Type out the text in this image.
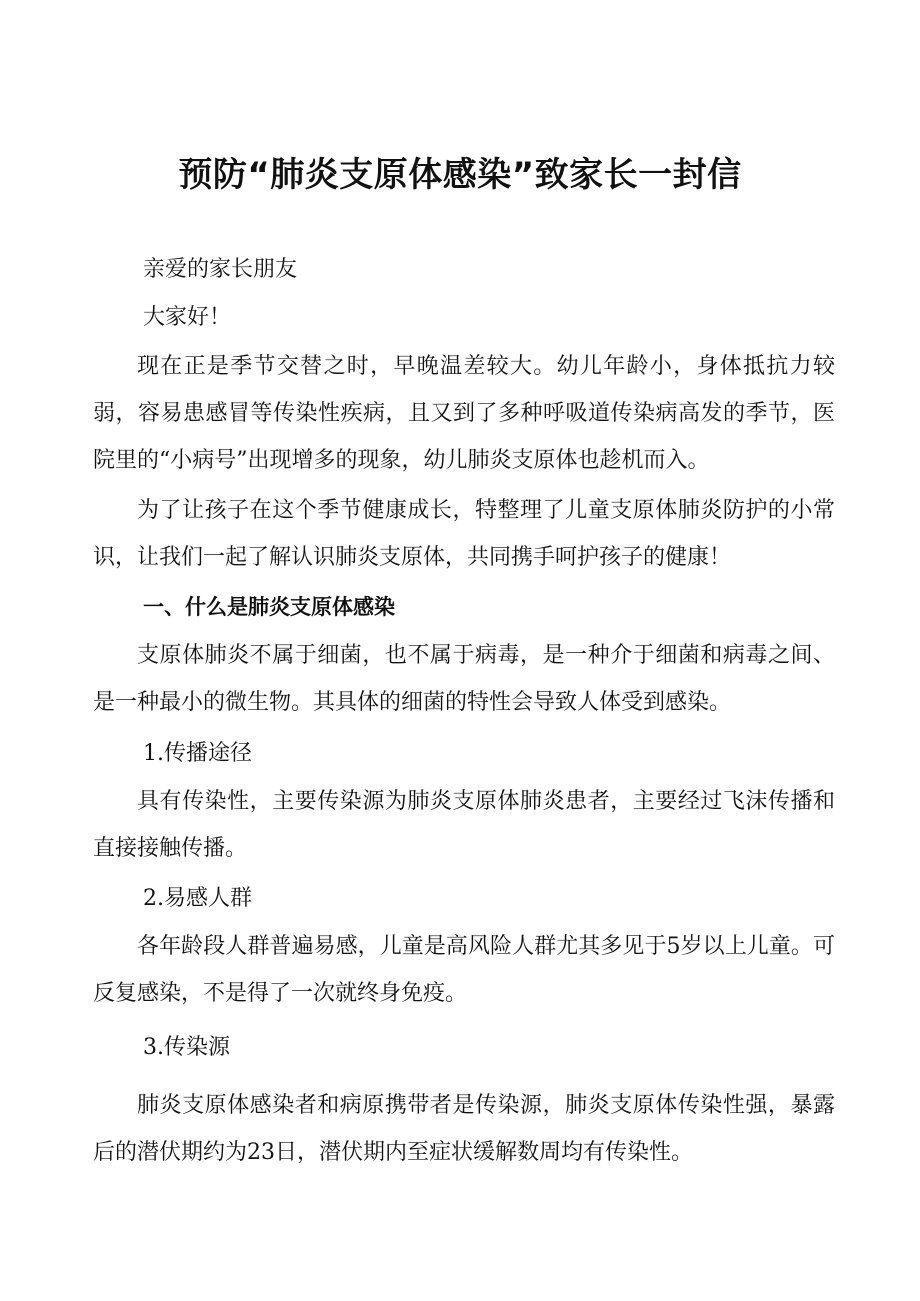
预防“肺炎支原体感染”致家长一封信
亲爱的家长朋友
大家好！

现在正是季节交替之时，早晚温差较大。幼儿年龄小，身体抵抗力较弱，容易患感冒等传染性疾病，且又到了多种呼吸道传染病高发的季节，医院里的“小病号”出现增多的现象，幼儿肺炎支原体也趁机而入。

为了让孩子在这个季节健康成长，特整理了儿童支原体肺炎防护的小常识，让我们一起了解认识肺炎支原体，共同携手呵护孩子的健康！

一、什么是肺炎支原体感染

支原体肺炎不属于细菌，也不属于病毒，是一种介于细菌和病毒之间、是一种最小的微生物。其具体的细菌的特性会导致人体受到感染。

1.传播途径

具有传染性，主要传染源为肺炎支原体肺炎患者，主要经过飞沫传播和直接接触传播。

2.易感人群

各年龄段人群普遍易感，儿童是高风险人群尤其多见于5岁以上儿童。可反复感染，不是得了一次就终身免疫。

3.传染源

肺炎支原体感染者和病原携带者是传染源，肺炎支原体传染性强，暴露后的潜伏期约为23日，潜伏期内至症状缓解数周均有传染性。
